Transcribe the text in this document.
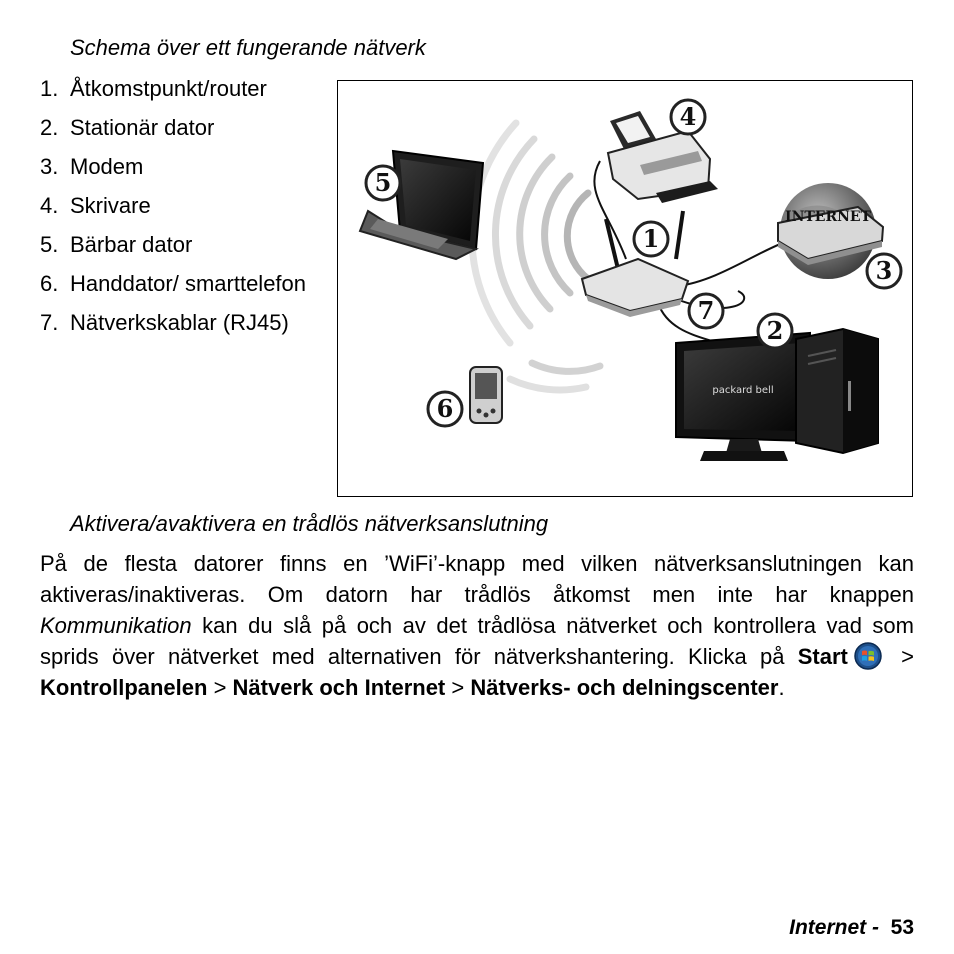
Schema över ett fungerande nätverk
1. Åtkomstpunkt/router
2. Stationär dator
3. Modem
4. Skrivare
5. Bärbar dator
6. Handdator/ smarttelefon
7. Nätverkskablar (RJ45)
INTERNET
packard bell
1
2
3
4
5
6
7
Aktivera/avaktivera en trådlös nätverksanslutning
På de flesta datorer finns en ’WiFi’-knapp med vilken nätverksanslutningen kan aktiveras/inaktiveras. Om datorn har trådlös åtkomst men inte har knappen Kommunikation kan du slå på och av det trådlösa nätverket och kontrollera vad som sprids över nätverket med alternativen för nätverkshantering. Klicka på Start > Kontrollpanelen > Nätverk och Internet > Nätverks- och delningscenter.
Internet - 53
